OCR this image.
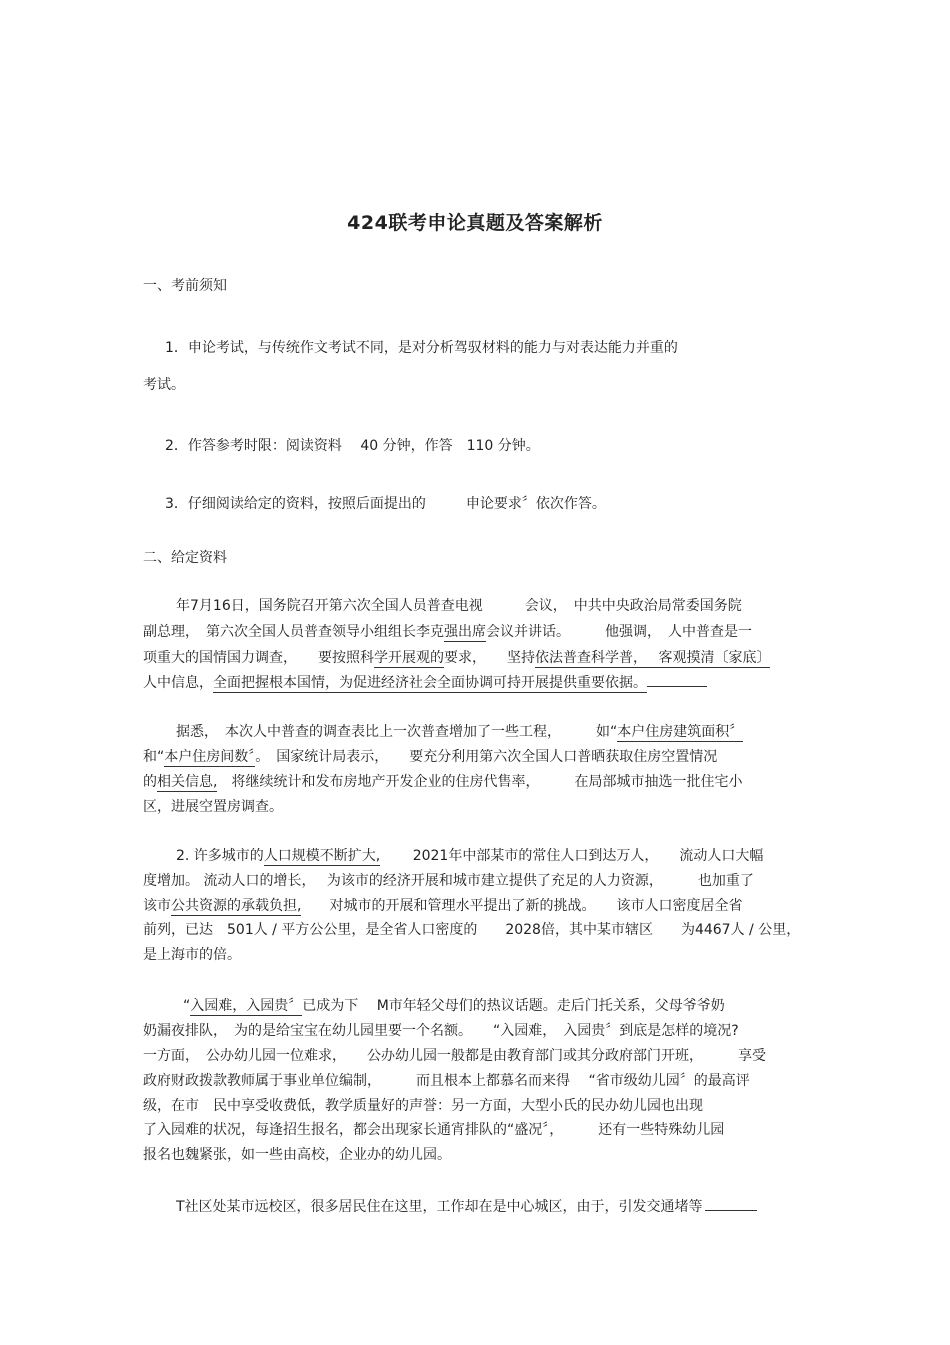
424联考申论真题及答案解析
一、考前须知
1．申论考试，与传统作文考试不同，是对分析驾驭材料的能力与对表达能力并重的
考试。
2．作答参考时限：阅读资料　 40 分钟，作答　110 分钟。
3．仔细阅读给定的资料，按照后面提出的	申论要求〞依次作答。
二、给定资料
年7月16日，国务院召开第六次全国人员普查电视　　　会议，　中共中央政治局常委国务院
副总理，　第六次全国人员普查领导小组组长李克强出席会议并讲话。　　　他强调，　人中普查是一
项重大的国情国力调查，　　要按照科学开展观的要求，　　坚持依法普查科学普，　 客观摸清〔家底〕
人中信息，全面把握根本国情，为促进经济社会全面协调可持开展提供重要依据。
据悉，　本次人中普查的调查表比上一次普查增加了一些工程，　　　如“本户住房建筑面积〞
和“本户住房间数〞。　国家统计局表示，　　要充分利用第六次全国人口普晒获取住房空置情况
的相关信息,　将继续统计和发布房地产开发企业的住房代售率，　　　在局部城市抽选一批住宅小
区，进展空置房调查。
2. 许多城市的人口规模不断扩大,　 　2021年中部某市的常住人口到达万人，　　流动人口大幅
度增加。 流动人口的增长，　 为该市的经济开展和城市建立提供了充足的人力资源，　　　也加重了
该市公共资源的承载负担,　　对城市的开展和管理水平提出了新的挑战。　　该市人口密度居全省
前列，已达　501人 / 平方公公里，是全省人口密度的　　2028倍，其中某市辖区　　为4467人 / 公里，
是上海市的倍。
“入园难，入园贵〞已成为下　 M市年轻父母们的热议话题。走后门托关系，父母爷爷奶
奶漏夜排队，　为的是给宝宝在幼儿园里要一个名额。　　“入园难，　入园贵〞到底是怎样的境况?
一方面，　公办幼儿园一位难求，　　公办幼儿园一般都是由教育部门或其分政府部门开班，　　　享受
政府财政拨款教师属于事业单位编制，　　　而且根本上都慕名而来得　 “省市级幼儿园〞的最高评
级，在市　民中享受收费低，教学质量好的声誉：另一方面，大型小氏的民办幼儿园也出现
了入园难的状况，每逢招生报名，都会出现家长通宵排队的“盛况〞，　　　还有一些特殊幼儿园
报名也魏紧张，如一些由高校，企业办的幼儿园。
T社区处某市远校区，很多居民住在这里，工作却在是中心城区，由于，引发交通堵等
